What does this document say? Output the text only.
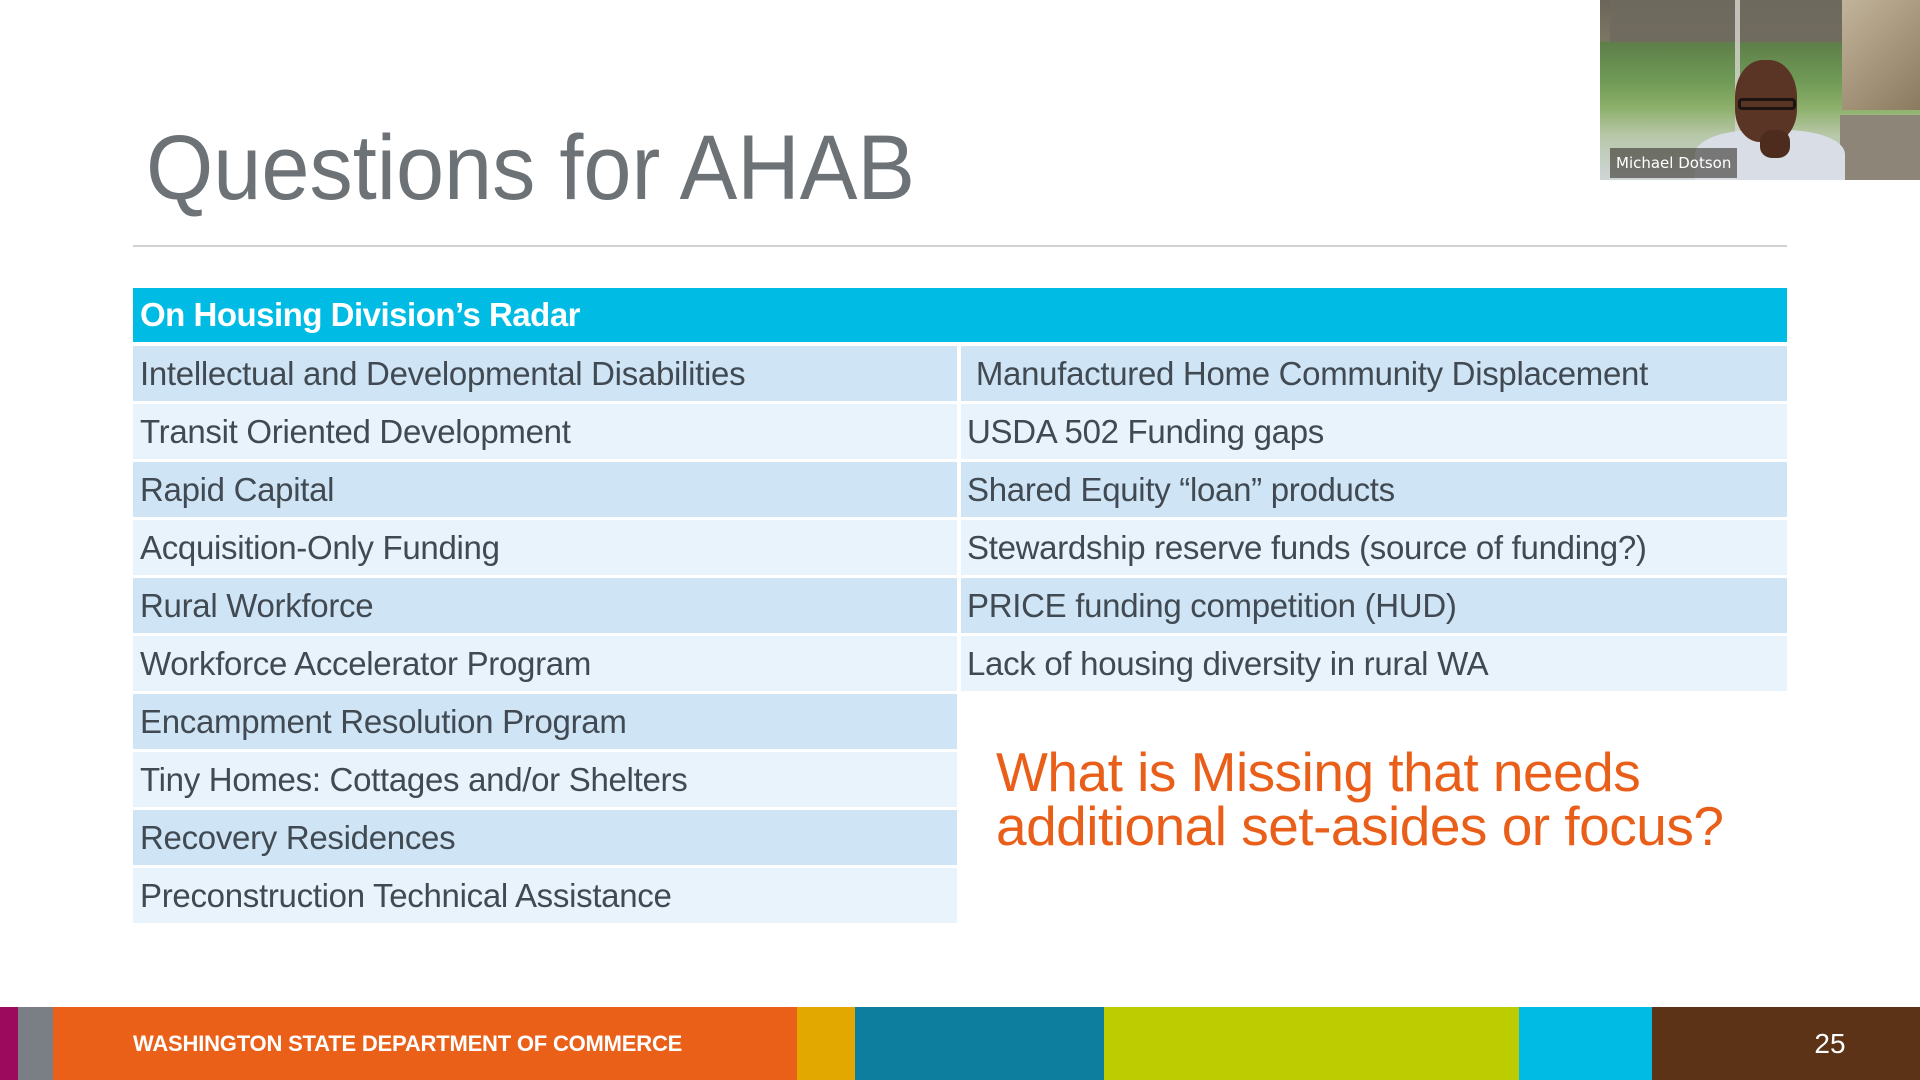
Questions for AHAB
On Housing Division’s Radar
Intellectual and Developmental Disabilities
Transit Oriented Development
Rapid Capital
Acquisition-Only Funding
Rural Workforce
Workforce Accelerator Program
Encampment Resolution Program
Tiny Homes: Cottages and/or Shelters
Recovery Residences
Preconstruction Technical Assistance
Manufactured Home Community Displacement
USDA 502 Funding gaps
Shared Equity “loan” products
Stewardship reserve funds (source of funding?)
PRICE funding competition (HUD)
Lack of housing diversity in rural WA
What is Missing that needs additional set-asides or focus?
WASHINGTON STATE DEPARTMENT OF COMMERCE	25
Michael Dotson
